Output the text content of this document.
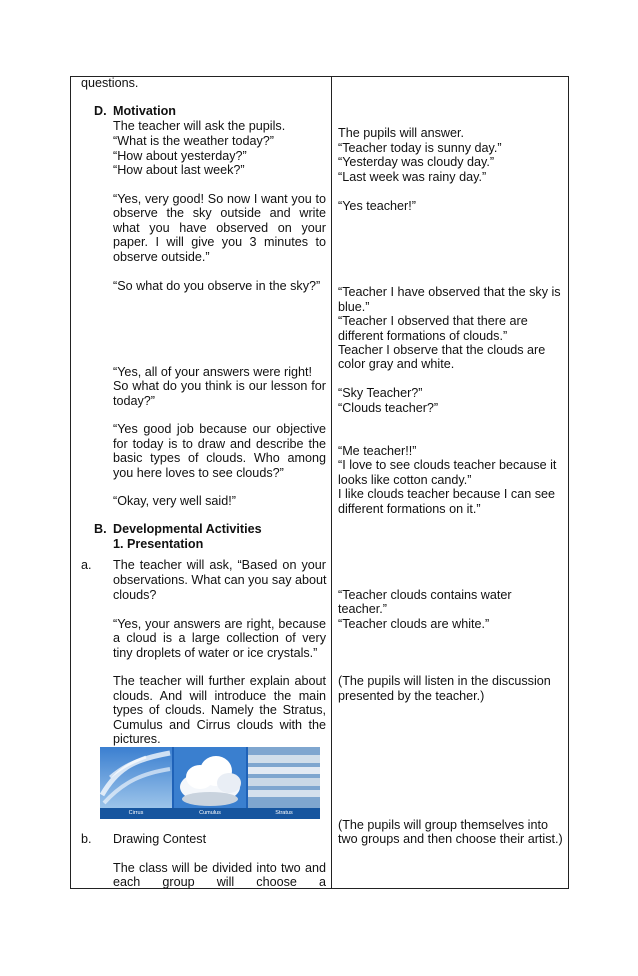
questions.
D. Motivation
The teacher will ask the pupils.
“What is the weather today?”
“How about yesterday?”
“How about last week?”
“Yes, very good! So now I want you to
observe the sky outside and write
what you have observed on your
paper. I will give you 3 minutes to
observe outside.”
“So what do you observe in the sky?”
“Yes, all of your answers were right!
So what do you think is our lesson for
today?”
“Yes good job because our objective
for today is to draw and describe the
basic types of clouds. Who among
you here loves to see clouds?”
“Okay, very well said!”
B. Developmental Activities
1. Presentation
a. The teacher will ask, “Based on your
observations. What can you say about
clouds?
“Yes, your answers are right, because
a cloud is a large collection of very
tiny droplets of water or ice crystals.”
The teacher will further explain about
clouds. And will introduce the main
types of clouds. Namely the Stratus,
Cumulus and Cirrus clouds with the
pictures.
Cirrus	Cumulus	Stratus
b. Drawing Contest
The class will be divided into two and
each group will choose a
The pupils will answer.
“Teacher today is sunny day.”
“Yesterday was cloudy day.”
“Last week was rainy day.”
“Yes teacher!”
“Teacher I have observed that the sky is
blue.”
“Teacher I observed that there are
different formations of clouds.”
Teacher I observe that the clouds are
color gray and white.
“Sky Teacher?”
“Clouds teacher?”
“Me teacher!!”
“I love to see clouds teacher because it
looks like cotton candy.”
I like clouds teacher because I can see
different formations on it.”
“Teacher clouds contains water
teacher.”
“Teacher clouds are white.”
(The pupils will listen in the discussion
presented by the teacher.)
(The pupils will group themselves into
two groups and then choose their artist.)
